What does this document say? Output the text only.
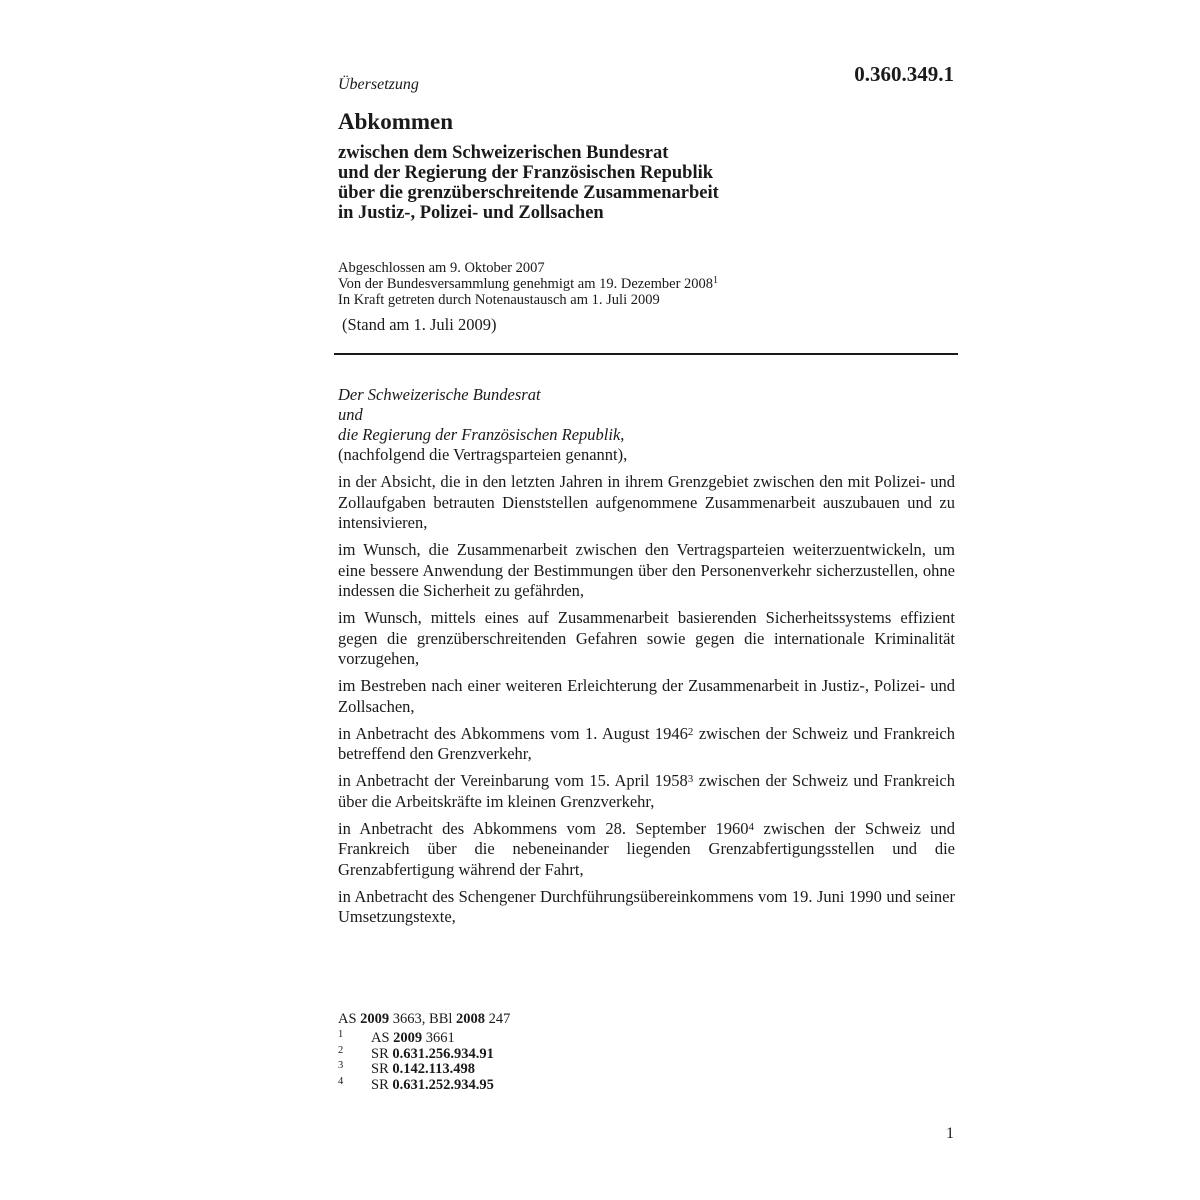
Übersetzung	0.360.349.1
Abkommen
zwischen dem Schweizerischen Bundesrat
und der Regierung der Französischen Republik
über die grenzüberschreitende Zusammenarbeit
in Justiz-, Polizei- und Zollsachen
Abgeschlossen am 9. Oktober 2007
Von der Bundesversammlung genehmigt am 19. Dezember 2008$^1$
In Kraft getreten durch Notenaustausch am 1. Juli 2009
(Stand am 1. Juli 2009)
Der Schweizerische Bundesrat
und
die Regierung der Französischen Republik,
(nachfolgend die Vertragsparteien genannt),

in der Absicht, die in den letzten Jahren in ihrem Grenzgebiet zwischen den mit Polizei- und Zollaufgaben betrauten Dienststellen aufgenommene Zusammenarbeit auszubauen und zu intensivieren,

im Wunsch, die Zusammenarbeit zwischen den Vertragsparteien weiterzuentwickeln, um eine bessere Anwendung der Bestimmungen über den Personenverkehr sicherzustellen, ohne indessen die Sicherheit zu gefährden,

im Wunsch, mittels eines auf Zusammenarbeit basierenden Sicherheitssystems effizient gegen die grenzüberschreitenden Gefahren sowie gegen die internationale Kriminalität vorzugehen,

im Bestreben nach einer weiteren Erleichterung der Zusammenarbeit in Justiz-, Polizei- und Zollsachen,

in Anbetracht des Abkommens vom 1. August 1946$^2$ zwischen der Schweiz und Frankreich betreffend den Grenzverkehr,

in Anbetracht der Vereinbarung vom 15. April 1958$^3$ zwischen der Schweiz und Frankreich über die Arbeitskräfte im kleinen Grenzverkehr,

in Anbetracht des Abkommens vom 28. September 1960$^4$ zwischen der Schweiz und Frankreich über die nebeneinander liegenden Grenzabfertigungsstellen und die Grenzabfertigung während der Fahrt,

in Anbetracht des Schengener Durchführungsübereinkommens vom 19. Juni 1990 und seiner Umsetzungstexte,

AS 2009 3663, BBl 2008 247
1 AS 2009 3661
2 SR 0.631.256.934.91
3 SR 0.142.113.498
4 SR 0.631.252.934.95
1
